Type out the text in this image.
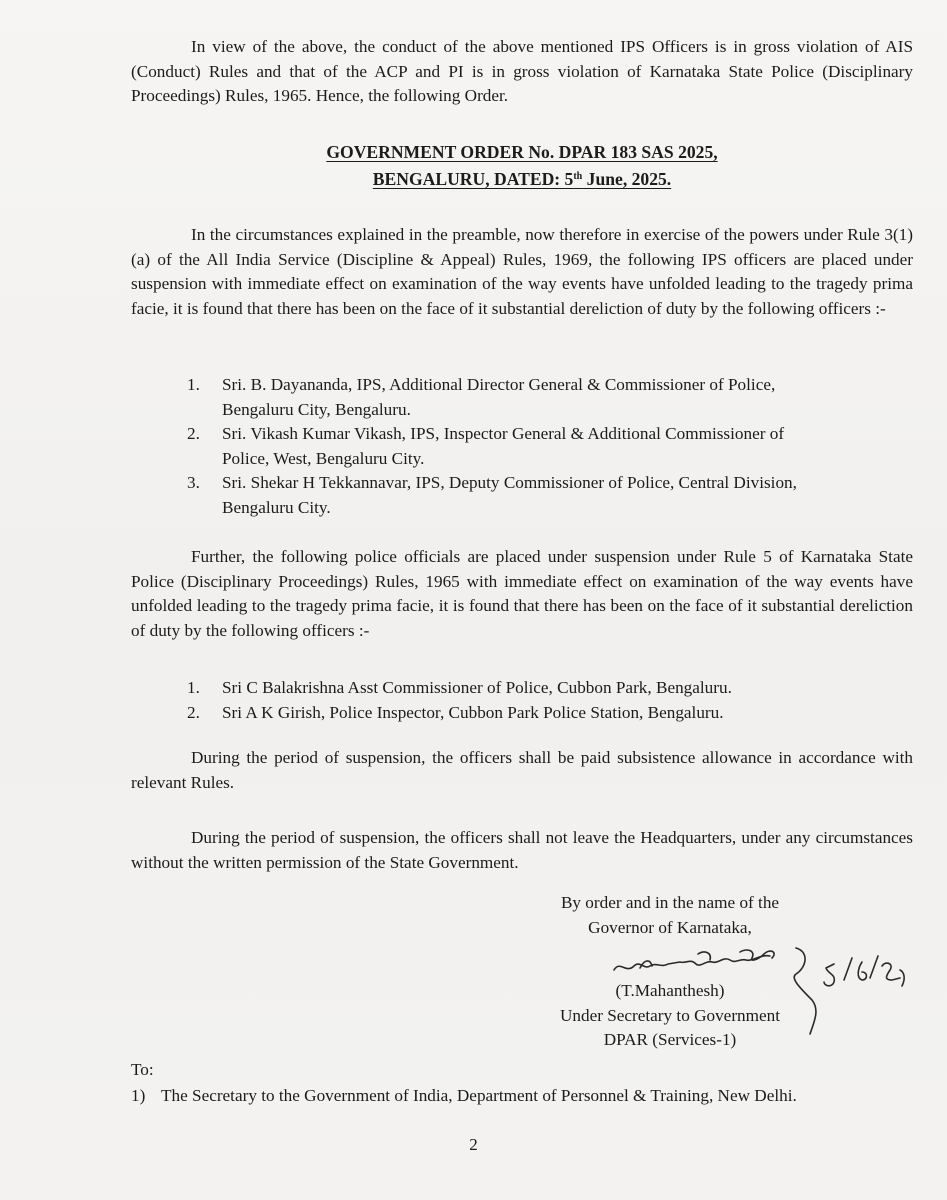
In view of the above, the conduct of the above mentioned IPS Officers is in gross violation of AIS (Conduct) Rules and that of the ACP and PI is in gross violation of Karnataka State Police (Disciplinary Proceedings) Rules, 1965. Hence, the following Order.

GOVERNMENT ORDER No. DPAR 183 SAS 2025,
BENGALURU, DATED: 5th June, 2025.

In the circumstances explained in the preamble, now therefore in exercise of the powers under Rule 3(1)(a) of the All India Service (Discipline & Appeal) Rules, 1969, the following IPS officers are placed under suspension with immediate effect on examination of the way events have unfolded leading to the tragedy prima facie, it is found that there has been on the face of it substantial dereliction of duty by the following officers :-

1. Sri. B. Dayananda, IPS, Additional Director General & Commissioner of Police, Bengaluru City, Bengaluru.
2. Sri. Vikash Kumar Vikash, IPS, Inspector General & Additional Commissioner of Police, West, Bengaluru City.
3. Sri. Shekar H Tekkannavar, IPS, Deputy Commissioner of Police, Central Division, Bengaluru City.

Further, the following police officials are placed under suspension under Rule 5 of Karnataka State Police (Disciplinary Proceedings) Rules, 1965 with immediate effect on examination of the way events have unfolded leading to the tragedy prima facie, it is found that there has been on the face of it substantial dereliction of duty by the following officers :-

1. Sri C Balakrishna Asst Commissioner of Police, Cubbon Park, Bengaluru.
2. Sri A K Girish, Police Inspector, Cubbon Park Police Station, Bengaluru.

During the period of suspension, the officers shall be paid subsistence allowance in accordance with relevant Rules.

During the period of suspension, the officers shall not leave the Headquarters, under any circumstances without the written permission of the State Government.

By order and in the name of the
Governor of Karnataka,
(T.Mahanthesh)
Under Secretary to Government
DPAR (Services-1)
To:
1) The Secretary to the Government of India, Department of Personnel & Training, New Delhi.
2
